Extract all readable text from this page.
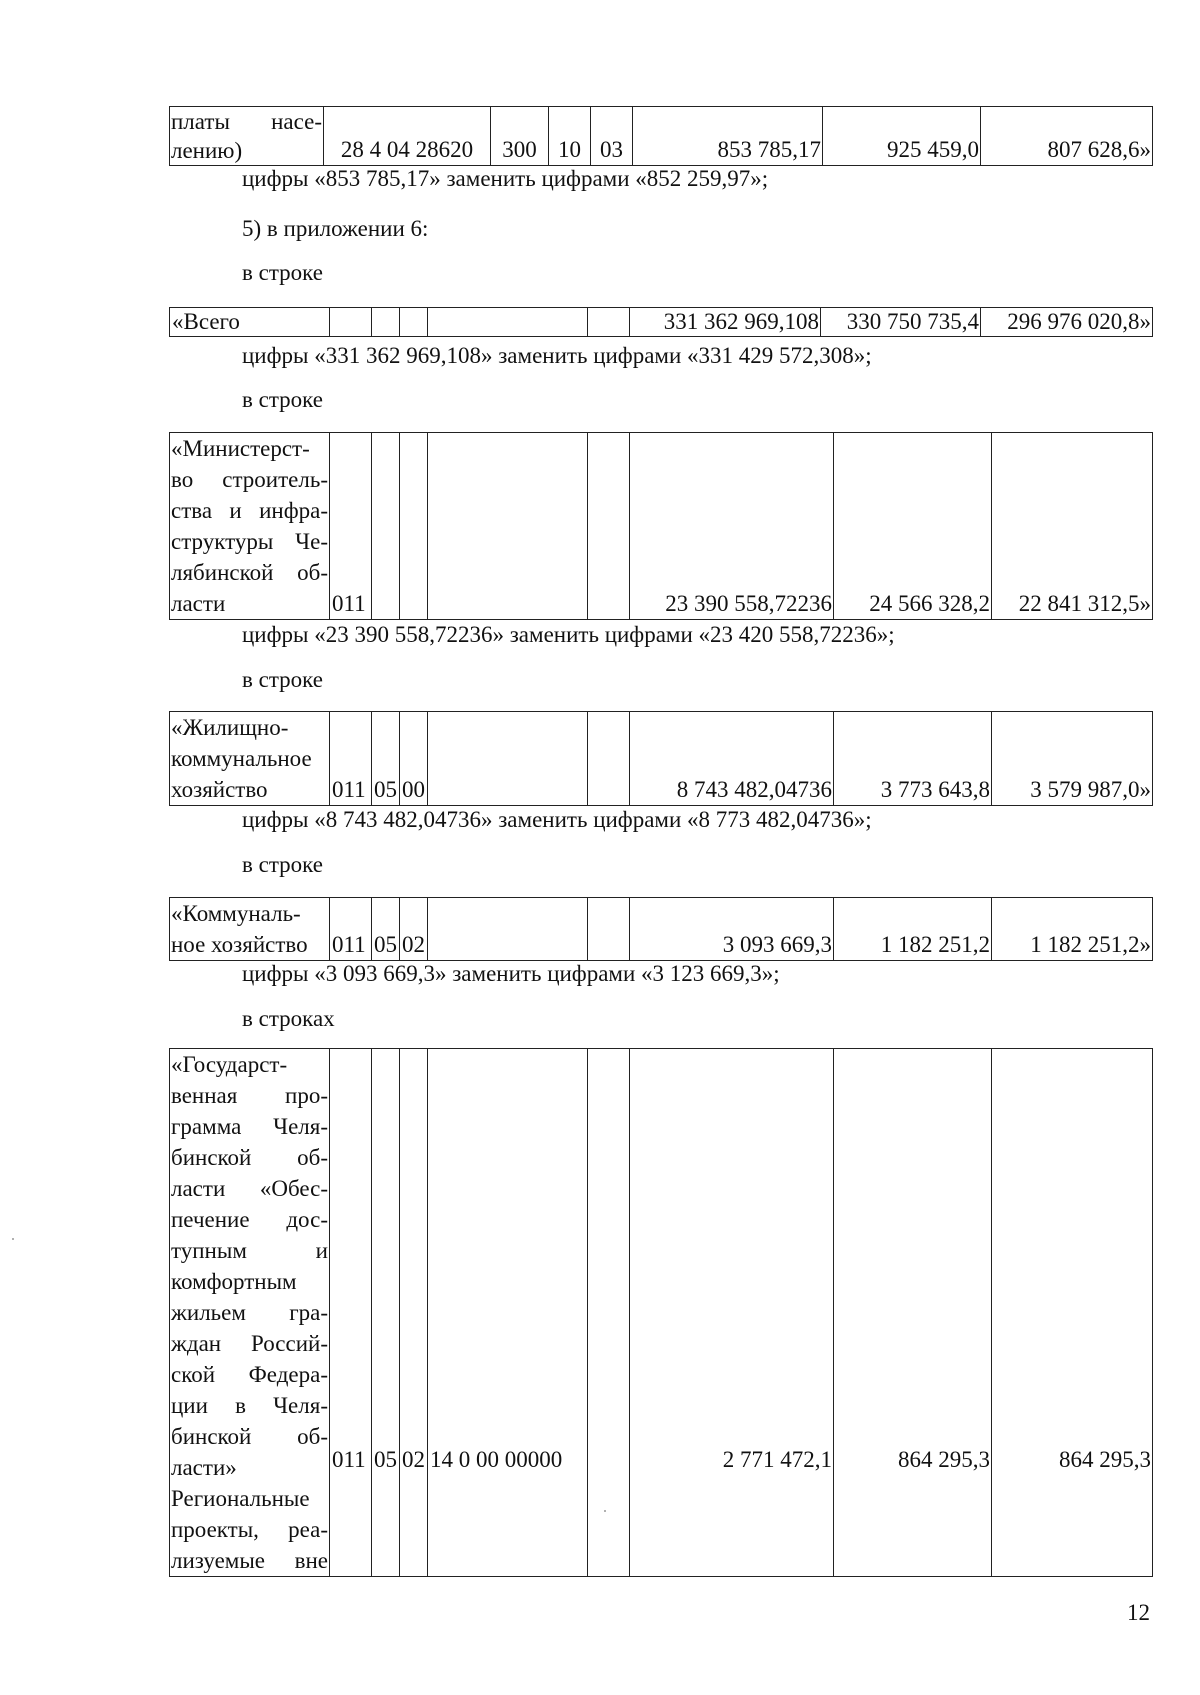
платы насе-
лению)	28 4 04 28620	300	10	03	853 785,17	925 459,0	807 628,6»
цифры «853 785,17» заменить цифрами «852 259,97»;
5) в приложении 6:
в строке
«Всего						331 362 969,108	330 750 735,4	296 976 020,8»
цифры «331 362 969,108» заменить цифрами «331 429 572,308»;
в строке
«Министерст-
во строитель-
ства и инфра-
структуры Че-
лябинской об-
ласти	011					23 390 558,72236	24 566 328,2	22 841 312,5»
цифры «23 390 558,72236» заменить цифрами «23 420 558,72236»;
в строке
«Жилищно-
коммунальное
хозяйство	011	05	00			8 743 482,04736	3 773 643,8	3 579 987,0»
цифры «8 743 482,04736» заменить цифрами «8 773 482,04736»;
в строке
«Коммуналь-
ное хозяйство	011	05	02			3 093 669,3	1 182 251,2	1 182 251,2»
цифры «3 093 669,3» заменить цифрами «3 123 669,3»;
в строках
«Государст-
венная про-
грамма Челя-
бинской об-
ласти «Обес-
печение дос-
тупным и
комфортным
жильем гра-
ждан Россий-
ской Федера-
ции в Челя-
бинской об-
ласти»
Региональные
проекты, реа-
лизуемые вне
	011	05	02	14 0 00 00000		2 771 472,1	864 295,3	864 295,3
12
